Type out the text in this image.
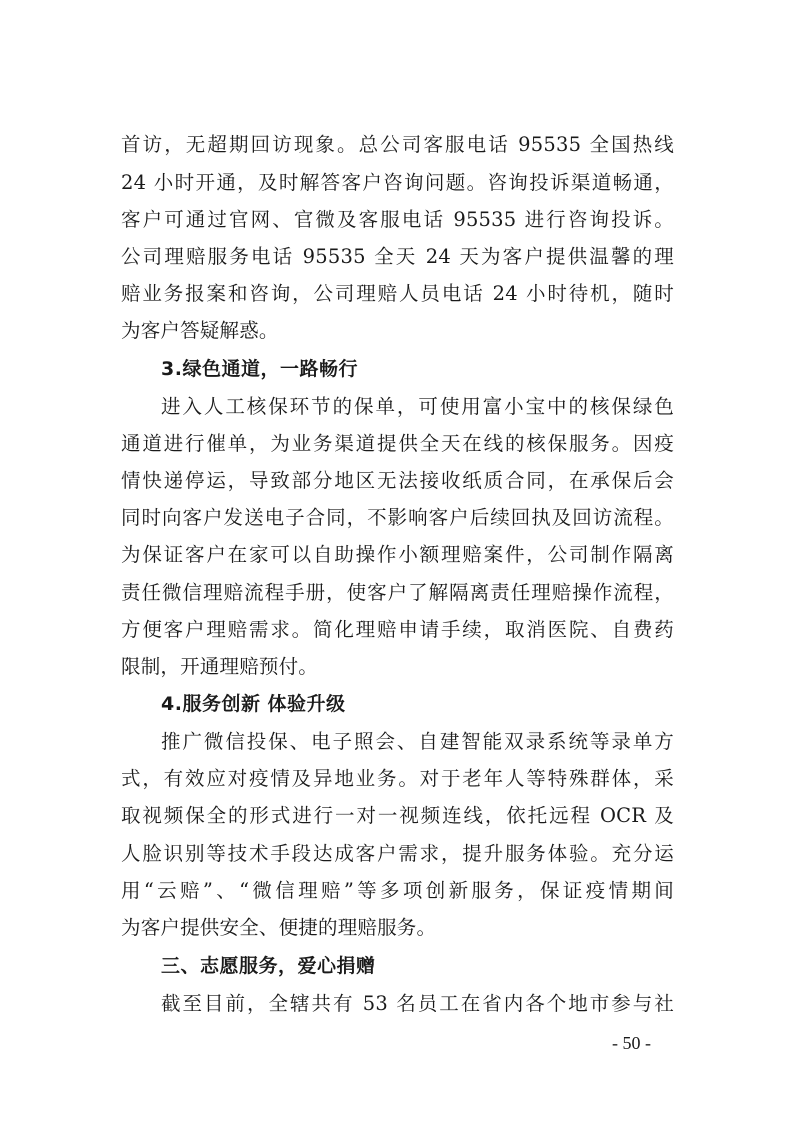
首访，无超期回访现象。总公司客服电话 95535 全国热线
24 小时开通，及时解答客户咨询问题。咨询投诉渠道畅通，
客户可通过官网、官微及客服电话 95535 进行咨询投诉。
公司理赔服务电话 95535 全天 24 天为客户提供温馨的理
赔业务报案和咨询，公司理赔人员电话 24 小时待机，随时
为客户答疑解惑。
3.绿色通道，一路畅行
进入人工核保环节的保单，可使用富小宝中的核保绿色
通道进行催单，为业务渠道提供全天在线的核保服务。因疫
情快递停运，导致部分地区无法接收纸质合同，在承保后会
同时向客户发送电子合同，不影响客户后续回执及回访流程。
为保证客户在家可以自助操作小额理赔案件，公司制作隔离
责任微信理赔流程手册，使客户了解隔离责任理赔操作流程，
方便客户理赔需求。简化理赔申请手续，取消医院、自费药
限制，开通理赔预付。
4.服务创新 体验升级
推广微信投保、电子照会、自建智能双录系统等录单方
式，有效应对疫情及异地业务。对于老年人等特殊群体，采
取视频保全的形式进行一对一视频连线，依托远程 OCR 及
人脸识别等技术手段达成客户需求，提升服务体验。充分运
用“云赔”、“微信理赔”等多项创新服务，保证疫情期间
为客户提供安全、便捷的理赔服务。
三、志愿服务，爱心捐赠
截至目前，全辖共有 53 名员工在省内各个地市参与社
- 50 -
